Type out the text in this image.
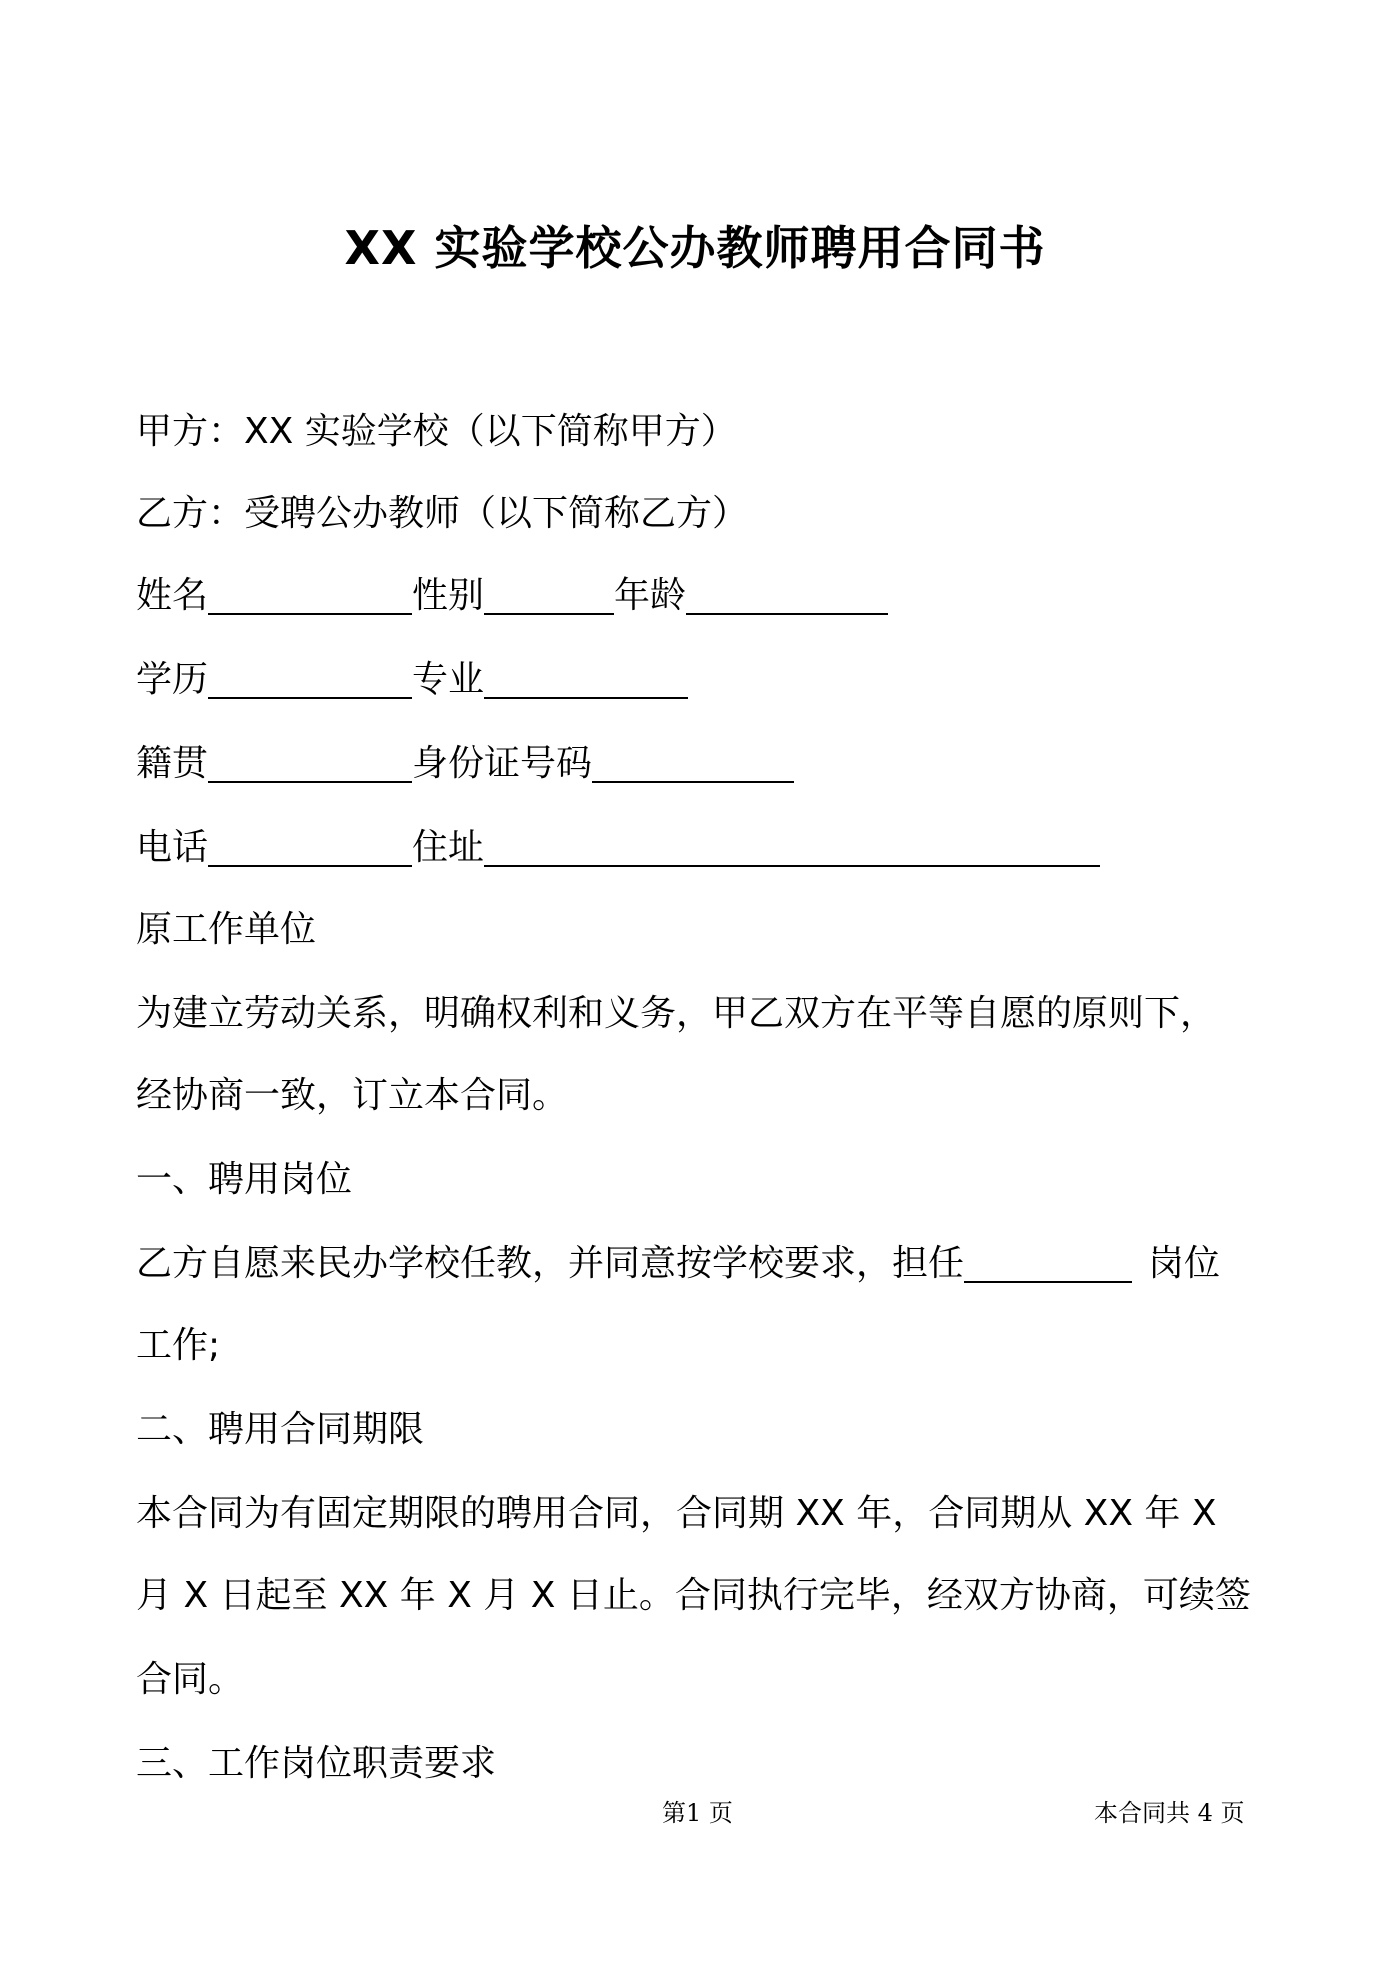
XX 实验学校公办教师聘用合同书
甲方：XX 实验学校（以下简称甲方）
乙方：受聘公办教师（以下简称乙方）
姓名	性别	年龄
学历	专业
籍贯	身份证号码
电话	住址
原工作单位
为建立劳动关系，明确权利和义务，甲乙双方在平等自愿的原则下，
经协商一致，订立本合同。
一、聘用岗位
乙方自愿来民办学校任教，并同意按学校要求，担任	岗位
工作;
二、聘用合同期限
本合同为有固定期限的聘用合同，合同期 XX 年，合同期从 XX 年 X
月 X 日起至 XX 年 X 月 X 日止。合同执行完毕，经双方协商，可续签
合同。
三、工作岗位职责要求
第1 页	本合同共 4 页
